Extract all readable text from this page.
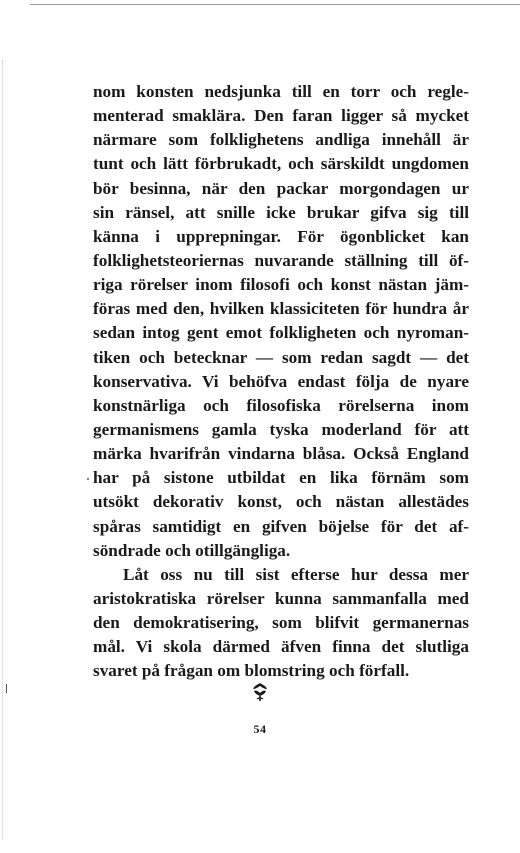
nom konsten nedsjunka till en torr och regle-
menterad smaklära. Den faran ligger så mycket
närmare som folklighetens andliga innehåll är
tunt och lätt förbrukadt, och särskildt ungdomen
bör besinna, när den packar morgondagen ur
sin ränsel, att snille icke brukar gifva sig till
känna i upprepningar. För ögonblicket kan
folklighetsteoriernas nuvarande ställning till öf-
riga rörelser inom filosofi och konst nästan jäm-
föras med den, hvilken klassiciteten för hundra år
sedan intog gent emot folkligheten och nyroman-
tiken och betecknar — som redan sagdt — det
konservativa. Vi behöfva endast följa de nyare
konstnärliga och filosofiska rörelserna inom
germanismens gamla tyska moderland för att
märka hvarifrån vindarna blåsa. Också England
har på sistone utbildat en lika förnäm som
utsökt dekorativ konst, och nästan allestädes
spåras samtidigt en gifven böjelse för det af-
söndrade och otillgängliga.
Låt oss nu till sist efterse hur dessa mer
aristokratiska rörelser kunna sammanfalla med
den demokratisering, som blifvit germanernas
mål. Vi skola därmed äfven finna det slutliga
svaret på frågan om blomstring och förfall.
54
